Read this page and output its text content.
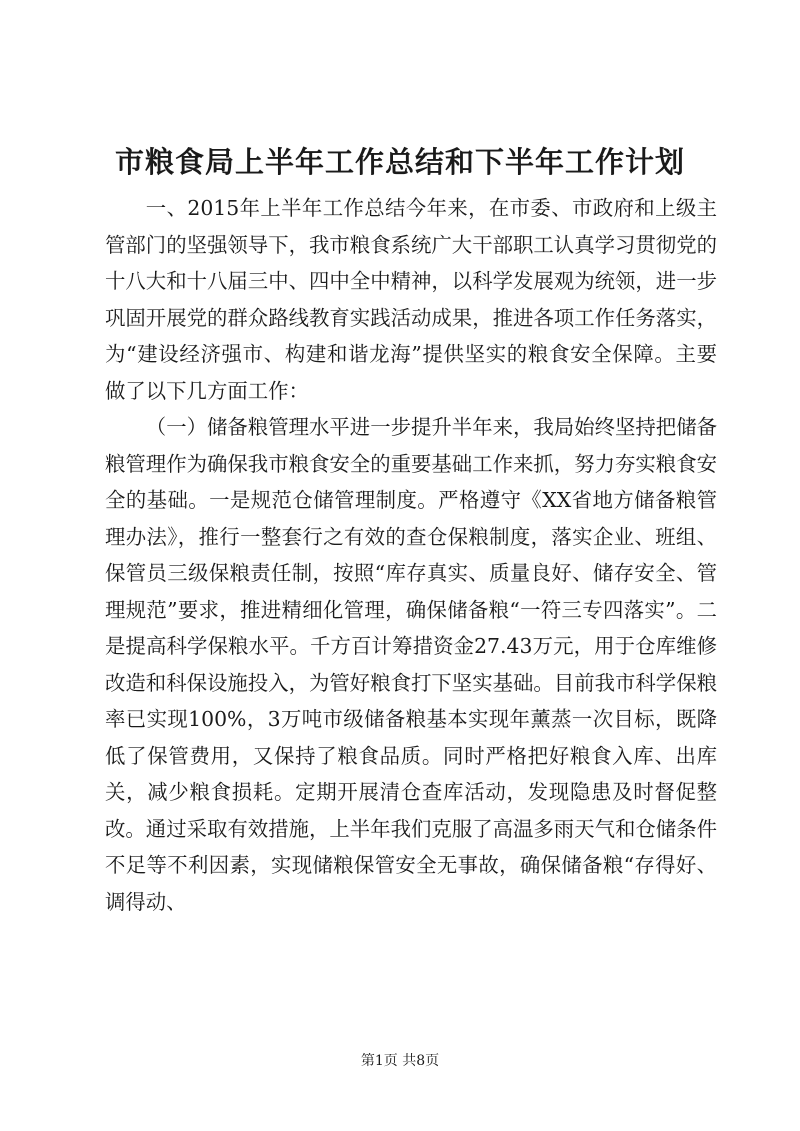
市粮食局上半年工作总结和下半年工作计划

一、2015年上半年工作总结今年来，在市委、市政府和上级主管部门的坚强领导下，我市粮食系统广大干部职工认真学习贯彻党的十八大和十八届三中、四中全中精神，以科学发展观为统领，进一步巩固开展党的群众路线教育实践活动成果，推进各项工作任务落实，为“建设经济强市、构建和谐龙海”提供坚实的粮食安全保障。主要做了以下几方面工作：

（一）储备粮管理水平进一步提升半年来，我局始终坚持把储备粮管理作为确保我市粮食安全的重要基础工作来抓，努力夯实粮食安全的基础。一是规范仓储管理制度。严格遵守《XX省地方储备粮管理办法》，推行一整套行之有效的查仓保粮制度，落实企业、班组、保管员三级保粮责任制，按照“库存真实、质量良好、储存安全、管理规范”要求，推进精细化管理，确保储备粮“一符三专四落实”。二是提高科学保粮水平。千方百计筹措资金27.43万元，用于仓库维修改造和科保设施投入，为管好粮食打下坚实基础。目前我市科学保粮率已实现100%，3万吨市级储备粮基本实现年薰蒸一次目标，既降低了保管费用，又保持了粮食品质。同时严格把好粮食入库、出库关，减少粮食损耗。定期开展清仓查库活动，发现隐患及时督促整改。通过采取有效措施，上半年我们克服了高温多雨天气和仓储条件不足等不利因素，实现储粮保管安全无事故，确保储备粮“存得好、调得动、

第1页 共8页
